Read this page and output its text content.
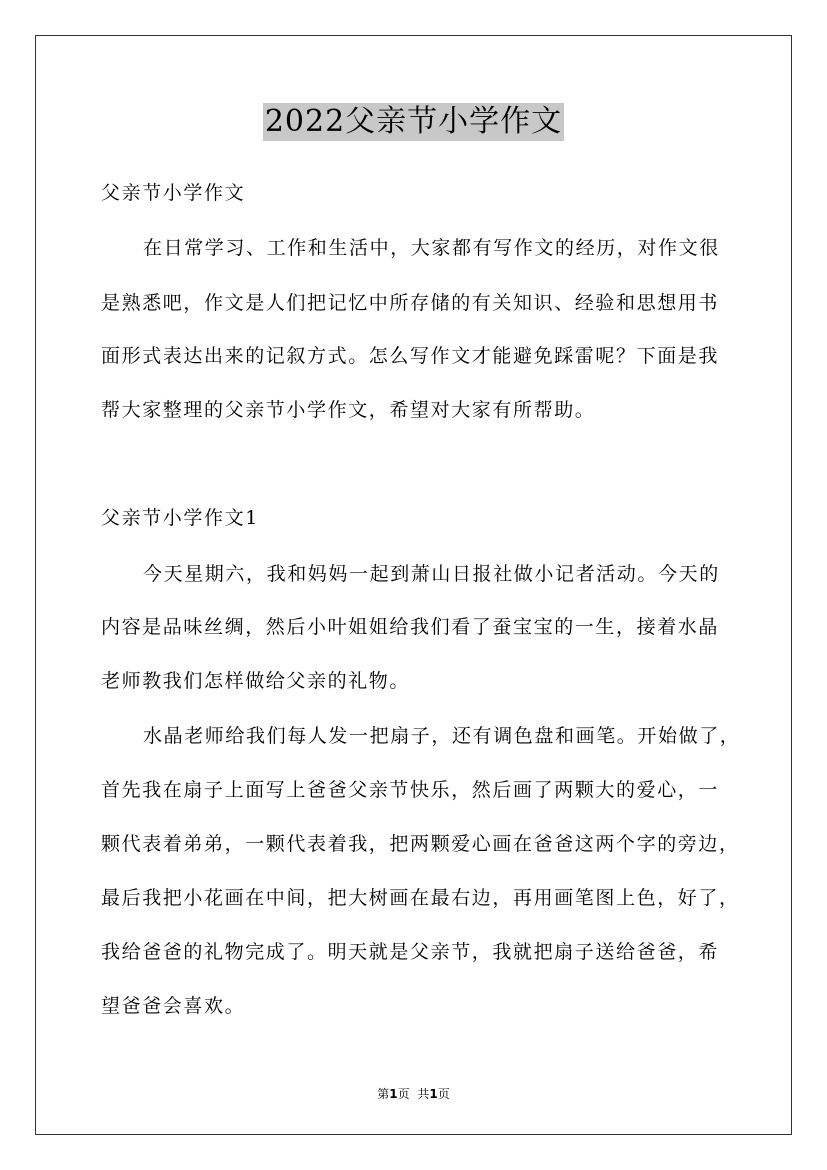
2022父亲节小学作文
父亲节小学作文
在日常学习、工作和生活中，大家都有写作文的经历，对作文很
是熟悉吧，作文是人们把记忆中所存储的有关知识、经验和思想用书
面形式表达出来的记叙方式。怎么写作文才能避免踩雷呢？下面是我
帮大家整理的父亲节小学作文，希望对大家有所帮助。
父亲节小学作文1
今天星期六，我和妈妈一起到萧山日报社做小记者活动。今天的
内容是品味丝绸，然后小叶姐姐给我们看了蚕宝宝的一生，接着水晶
老师教我们怎样做给父亲的礼物。
水晶老师给我们每人发一把扇子，还有调色盘和画笔。开始做了，
首先我在扇子上面写上爸爸父亲节快乐，然后画了两颗大的爱心，一
颗代表着弟弟，一颗代表着我，把两颗爱心画在爸爸这两个字的旁边，
最后我把小花画在中间，把大树画在最右边，再用画笔图上色，好了，
我给爸爸的礼物完成了。明天就是父亲节，我就把扇子送给爸爸，希
望爸爸会喜欢。
第1页 共1页
